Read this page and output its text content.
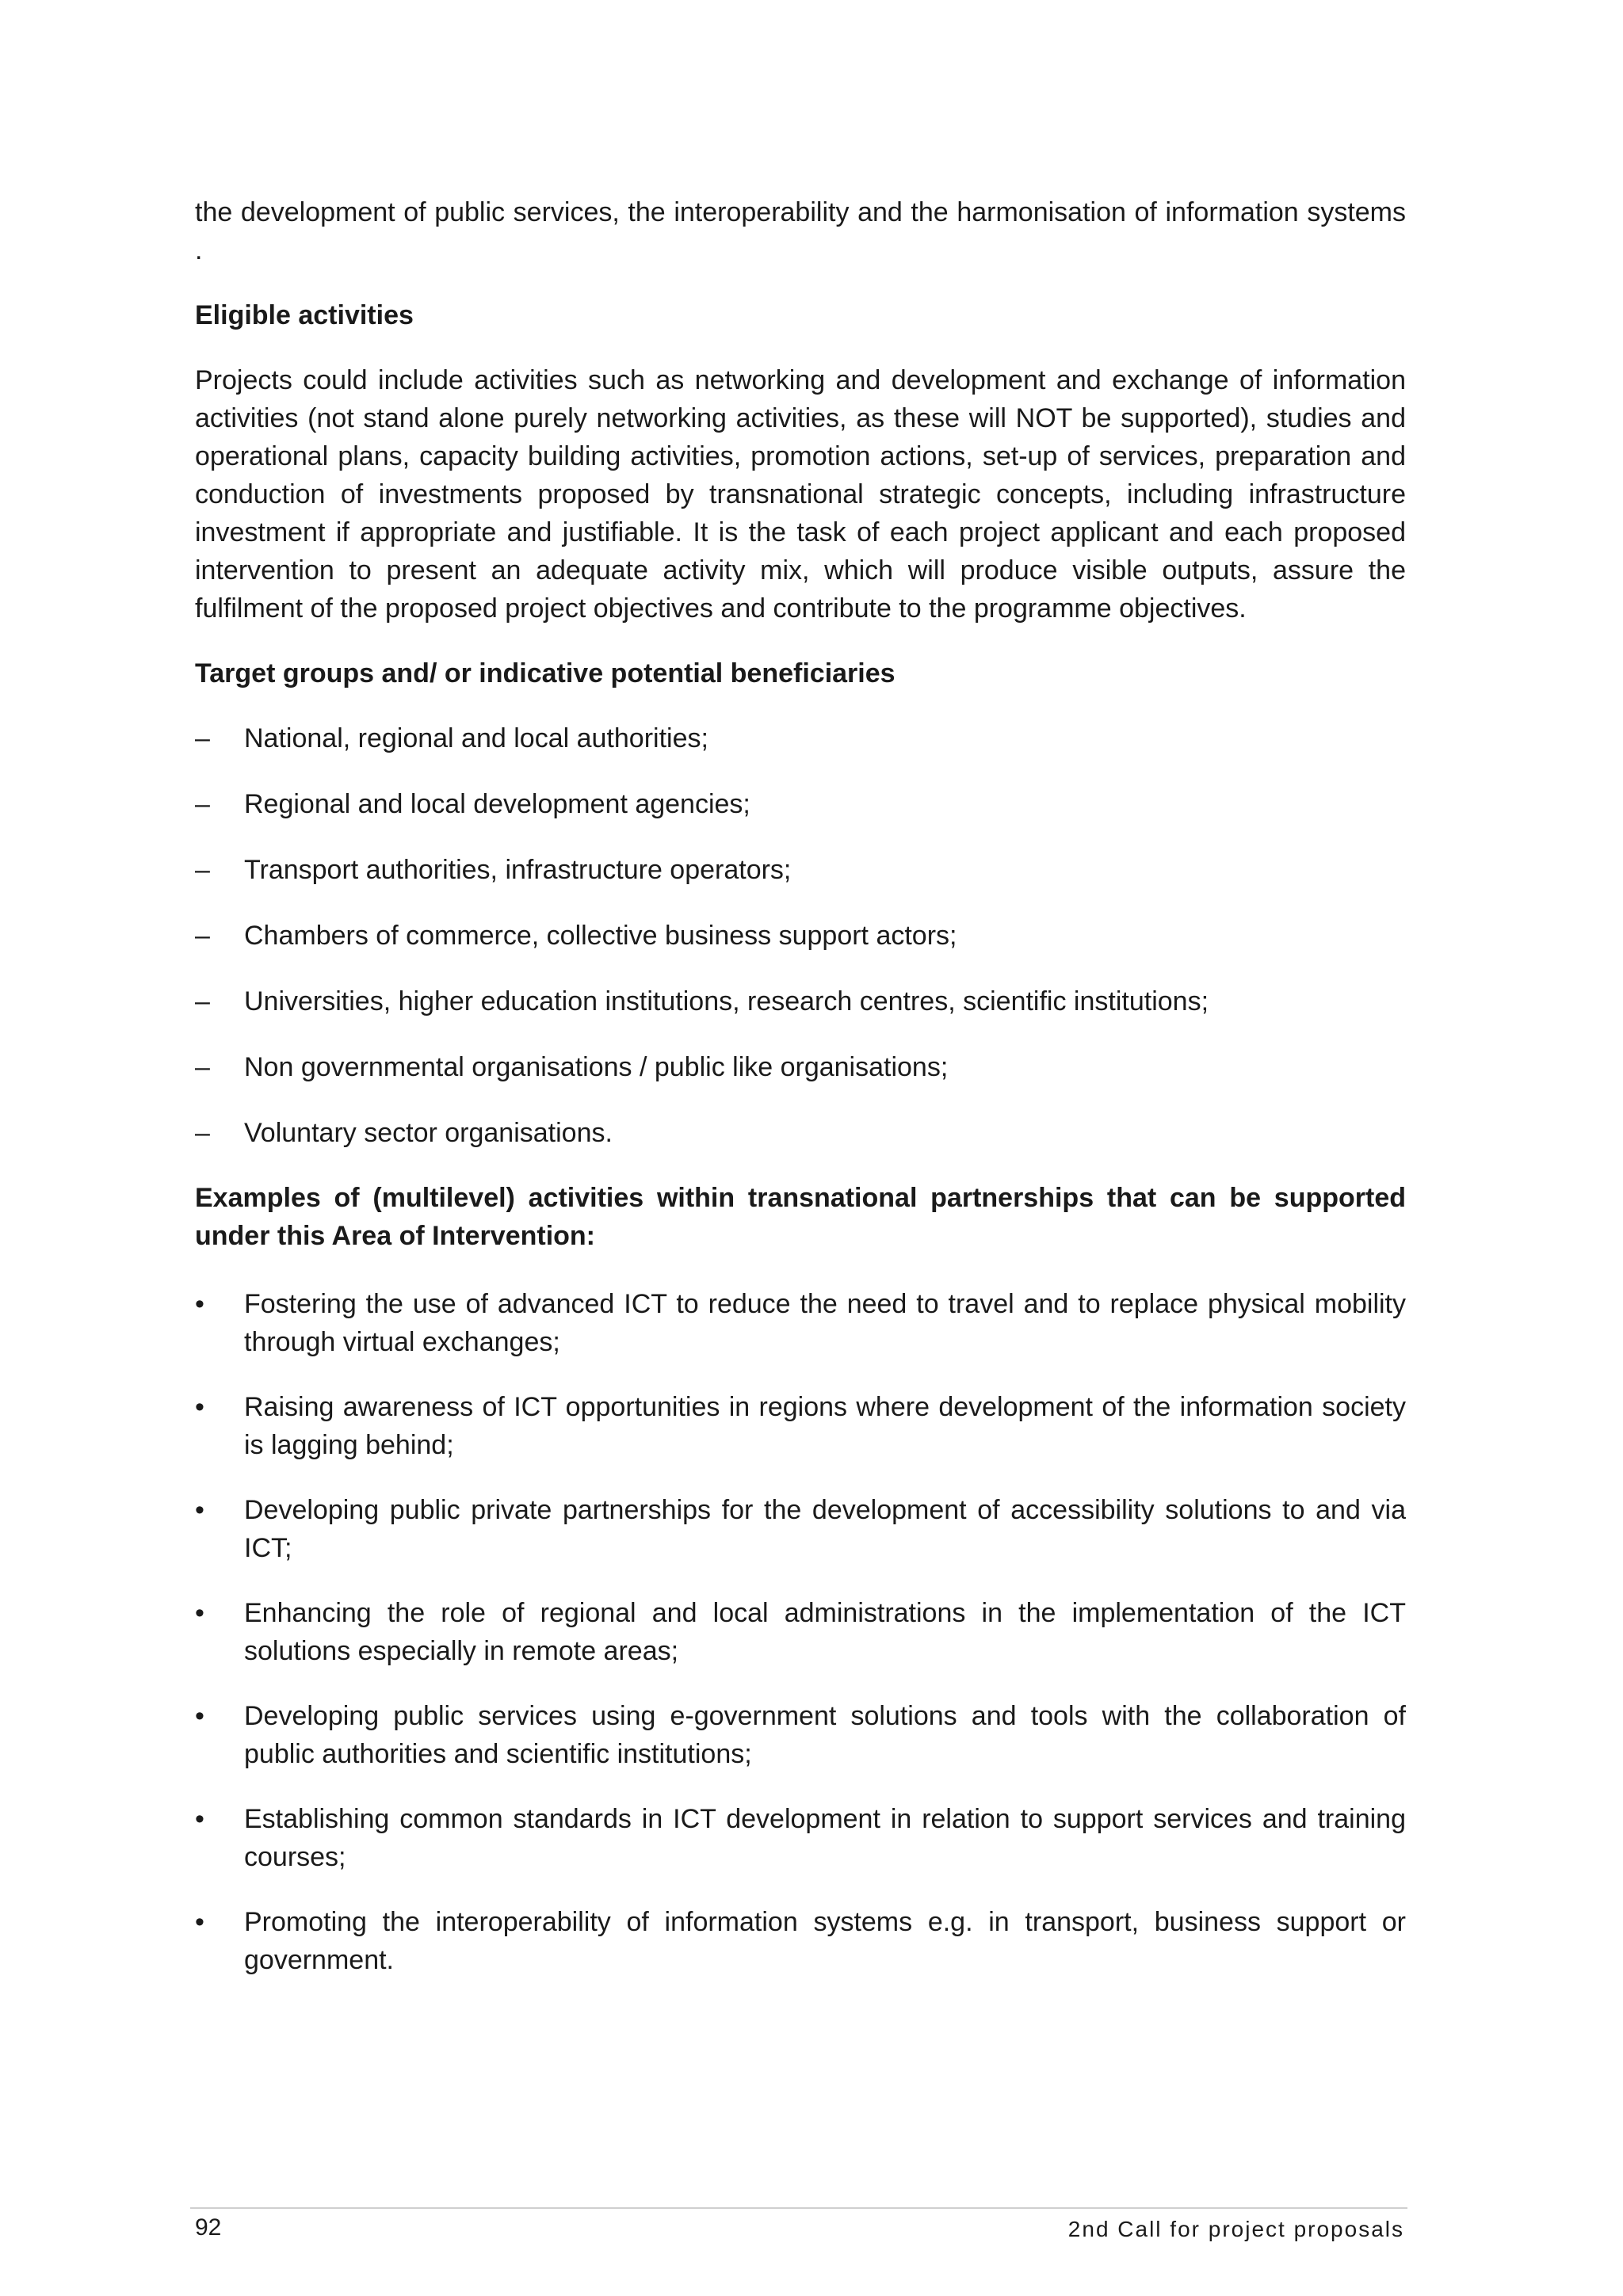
the development of public services, the interoperability and the harmonisation of information systems .

Eligible activities

Projects could include activities such as networking and development and exchange of information activities (not stand alone purely networking activities, as these will NOT be supported), studies and operational plans, capacity building activities, promotion actions, set-up of services, preparation and conduction of investments proposed by transnational strategic concepts, including infrastructure investment if appropriate and justifiable. It is the task of each project applicant and each proposed intervention to present an adequate activity mix, which will produce visible outputs, assure the fulfilment of the proposed project objectives and contribute to the programme objectives.

Target groups and/ or indicative potential beneficiaries

–	National, regional and local authorities;
–	Regional and local development agencies;
–	Transport authorities, infrastructure operators;
–	Chambers of commerce, collective business support actors;
–	Universities, higher education institutions, research centres, scientific institutions;
–	Non governmental organisations / public like organisations;
–	Voluntary sector organisations.

Examples of (multilevel) activities within transnational partnerships that can be supported under this Area of Intervention:

•	Fostering the use of advanced ICT to reduce the need to travel and to replace physical mobility through virtual exchanges;
•	Raising awareness of ICT opportunities in regions where development of the information society is lagging behind;
•	Developing public private partnerships for the development of accessibility solutions to and via ICT;
•	Enhancing the role of regional and local administrations in the implementation of the ICT solutions especially in remote areas;
•	Developing public services using e-government solutions and tools with the collaboration of public authorities and scientific institutions;
•	Establishing common standards in ICT development in relation to support services and training courses;
•	Promoting the interoperability of information systems e.g. in transport, business support or government.
92	2nd Call for project proposals
